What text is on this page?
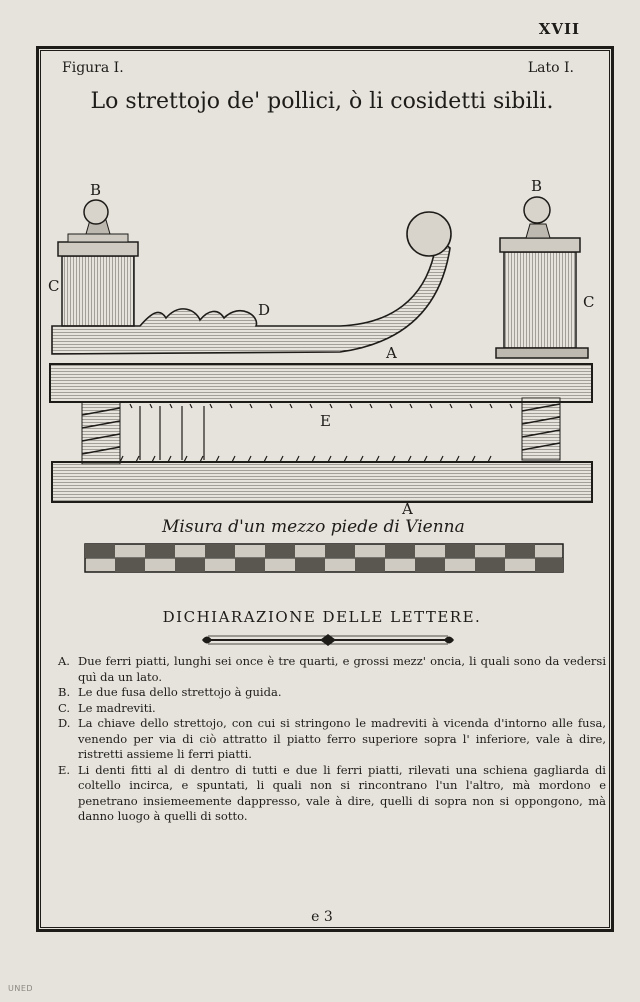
XVII
Figura I.	Lato I.
Lo strettojo de' pollici, ò li cosidetti sibili.
B	B
C
C
D
A
E
A
Misura d'un mezzo piede di Vienna
DICHIARAZIONE DELLE LETTERE.
A. Due ferri piatti, lunghi sei once è tre quarti, e grossi mezz' oncia, li quali sono da vedersi quì da un lato.
B. Le due fusa dello strettojo à guida.
C. Le madreviti.
D. La chiave dello strettojo, con cui si stringono le madreviti à vicenda d'intorno alle fusa, venendo per via di ciò attratto il piatto ferro superiore sopra l' inferiore, vale à dire, ristretti assieme li ferri piatti.
E. Li denti fitti al di dentro di tutti e due li ferri piatti, rilevati una schiena gagliarda di coltello incirca, e spuntati, li quali non si rincontrano l'un l'altro, mà mordono e penetrano insiemeemente dappresso, vale à dire, quelli di sopra non si oppongono, mà danno luogo à quelli di sotto.
e 3
UNED
